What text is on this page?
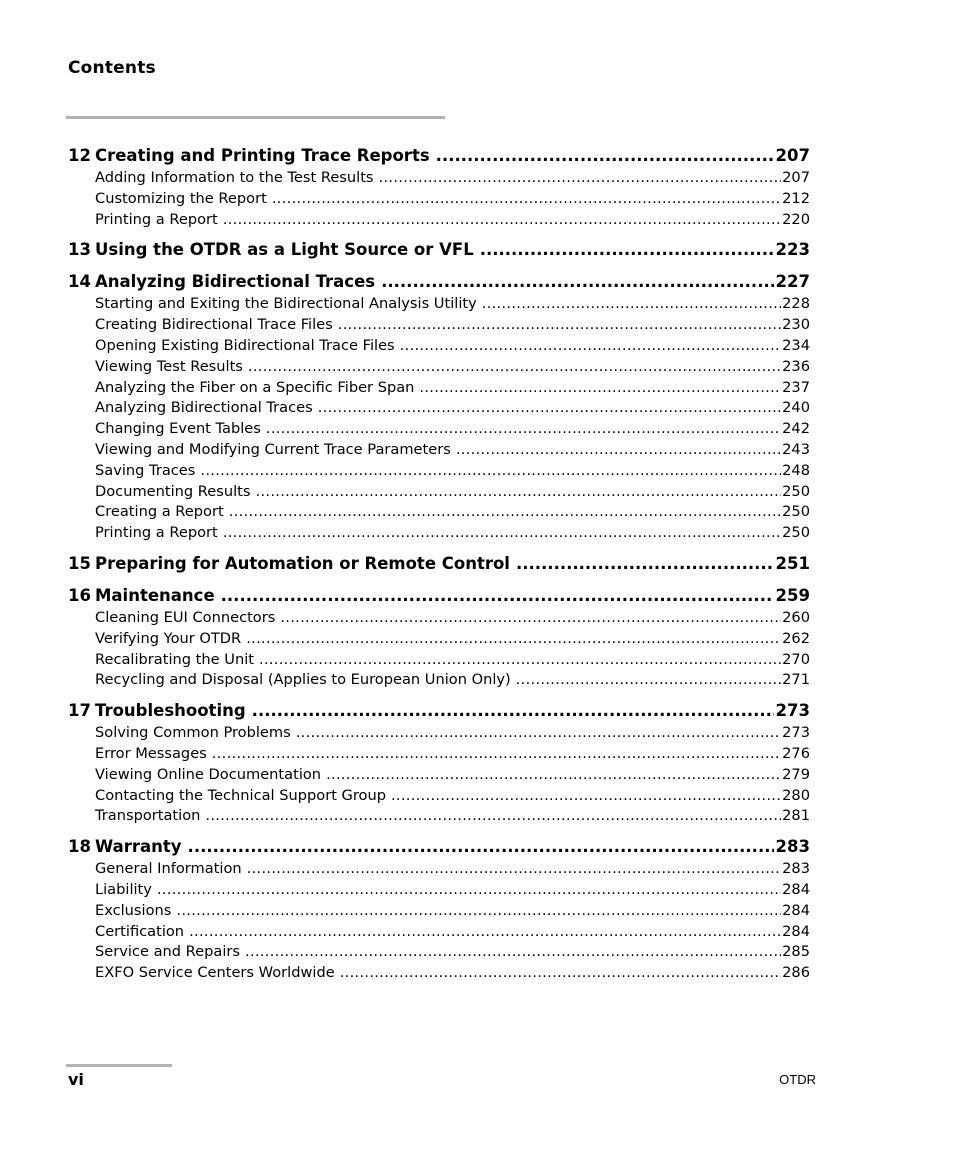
Contents
12 Creating and Printing Trace Reports .....	207
Adding Information to the Test Results .....	207
Customizing the Report .....	212
Printing a Report .....	220
13 Using the OTDR as a Light Source or VFL .....	223
14 Analyzing Bidirectional Traces .....	227
Starting and Exiting the Bidirectional Analysis Utility .....	228
Creating Bidirectional Trace Files .....	230
Opening Existing Bidirectional Trace Files .....	234
Viewing Test Results .....	236
Analyzing the Fiber on a Specific Fiber Span .....	237
Analyzing Bidirectional Traces .....	240
Changing Event Tables .....	242
Viewing and Modifying Current Trace Parameters .....	243
Saving Traces .....	248
Documenting Results .....	250
Creating a Report .....	250
Printing a Report .....	250
15 Preparing for Automation or Remote Control .....	251
16 Maintenance .....	259
Cleaning EUI Connectors .....	260
Verifying Your OTDR .....	262
Recalibrating the Unit .....	270
Recycling and Disposal (Applies to European Union Only) .....	271
17 Troubleshooting .....	273
Solving Common Problems .....	273
Error Messages .....	276
Viewing Online Documentation .....	279
Contacting the Technical Support Group .....	280
Transportation .....	281
18 Warranty .....	283
General Information .....	283
Liability .....	284
Exclusions .....	284
Certification .....	284
Service and Repairs .....	285
EXFO Service Centers Worldwide .....	286
vi	OTDR
